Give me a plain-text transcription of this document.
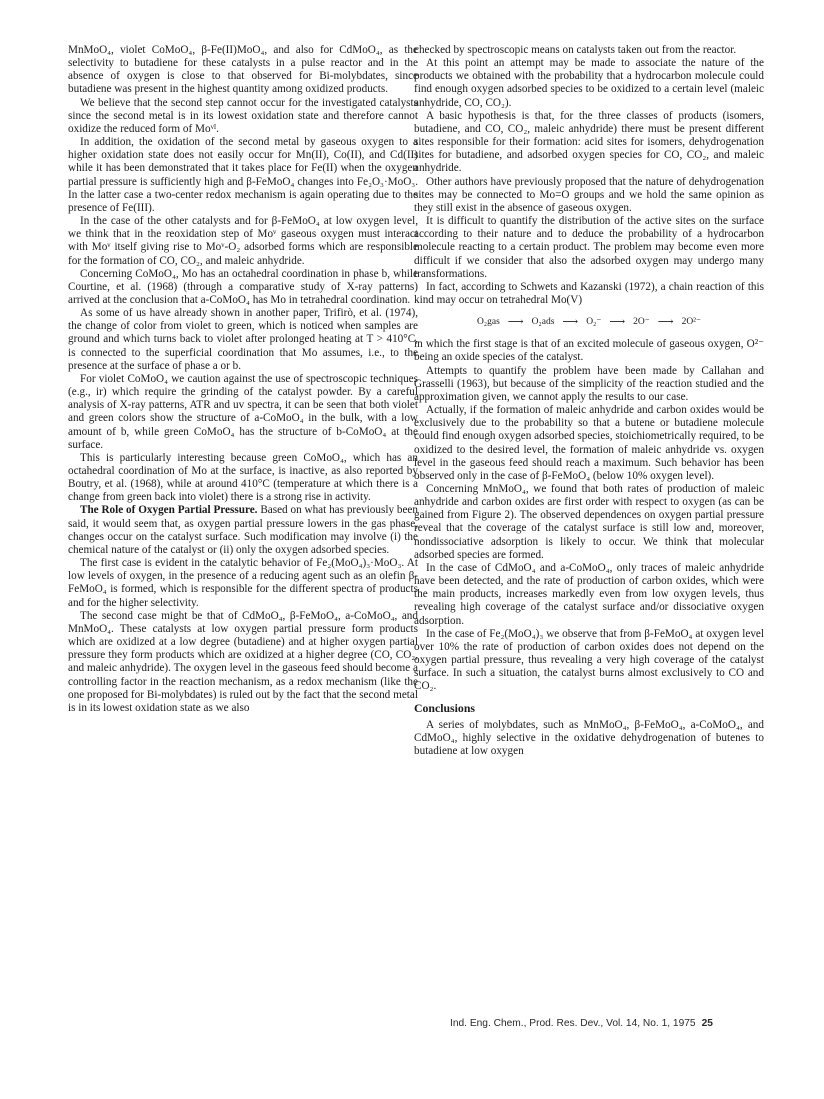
MnMoO₄, violet CoMoO₄, β-Fe(II)MoO₄, and also for CdMoO₄, as the selectivity to butadiene for these catalysts in a pulse reactor and in the absence of oxygen is close to that observed for Bi-molybdates, since butadiene was present in the highest quantity among oxidized products.

We believe that the second step cannot occur for the investigated catalysts since the second metal is in its lowest oxidation state and therefore cannot oxidize the reduced form of Moᵛᴵ.

In addition, the oxidation of the second metal by gaseous oxygen to a higher oxidation state does not easily occur for Mn(II), Co(II), and Cd(II) while it has been demonstrated that it takes place for Fe(II) when the oxygen partial pressure is sufficiently high and β-FeMoO₄ changes into Fe₂O₃·MoO₃. In the latter case a two-center redox mechanism is again operating due to the presence of Fe(III).

In the case of the other catalysts and for β-FeMoO₄ at low oxygen level, we think that in the reoxidation step of Moᵛ gaseous oxygen must interact with Moᵛ itself giving rise to Moᵛ-O₂ adsorbed forms which are responsible for the formation of CO, CO₂, and maleic anhydride.

Concerning CoMoO₄, Mo has an octahedral coordination in phase b, while Courtine, et al. (1968) (through a comparative study of X-ray patterns) arrived at the conclusion that a-CoMoO₄ has Mo in tetrahedral coordination.

As some of us have already shown in another paper, Trifirò, et al. (1974), the change of color from violet to green, which is noticed when samples are ground and which turns back to violet after prolonged heating at T > 410°C, is connected to the superficial coordination that Mo assumes, i.e., to the presence at the surface of phase a or b.

For violet CoMoO₄ we caution against the use of spectroscopic techniques (e.g., ir) which require the grinding of the catalyst powder. By a careful analysis of X-ray patterns, ATR and uv spectra, it can be seen that both violet and green colors show the structure of a-CoMoO₄ in the bulk, with a low amount of b, while green CoMoO₄ has the structure of b-CoMoO₄ at the surface.

This is particularly interesting because green CoMoO₄, which has an octahedral coordination of Mo at the surface, is inactive, as also reported by Boutry, et al. (1968), while at around 410°C (temperature at which there is a change from green back into violet) there is a strong rise in activity.

The Role of Oxygen Partial Pressure. Based on what has previously been said, it would seem that, as oxygen partial pressure lowers in the gas phase, changes occur on the catalyst surface. Such modification may involve (i) the chemical nature of the catalyst or (ii) only the oxygen adsorbed species.

The first case is evident in the catalytic behavior of Fe₂(MoO₄)₃·MoO₃. At low levels of oxygen, in the presence of a reducing agent such as an olefin β-FeMoO₄ is formed, which is responsible for the different spectra of products and for the higher selectivity.

The second case might be that of CdMoO₄, β-FeMoO₄, a-CoMoO₄, and MnMoO₄. These catalysts at low oxygen partial pressure form products which are oxidized at a low degree (butadiene) and at higher oxygen partial pressure they form products which are oxidized at a higher degree (CO, CO₂, and maleic anhydride). The oxygen level in the gaseous feed should become a controlling factor in the reaction mechanism, as a redox mechanism (like the one proposed for Bi-molybdates) is ruled out by the fact that the second metal is in its lowest oxidation state as we also

checked by spectroscopic means on catalysts taken out from the reactor.

At this point an attempt may be made to associate the nature of the products we obtained with the probability that a hydrocarbon molecule could find enough oxygen adsorbed species to be oxidized to a certain level (maleic anhydride, CO, CO₂).

A basic hypothesis is that, for the three classes of products (isomers, butadiene, and CO, CO₂, maleic anhydride) there must be present different sites responsible for their formation: acid sites for isomers, dehydrogenation sites for butadiene, and adsorbed oxygen species for CO, CO₂, and maleic anhydride.

Other authors have previously proposed that the nature of dehydrogenation sites may be connected to Mo=O groups and we hold the same opinion as they still exist in the absence of gaseous oxygen.

It is difficult to quantify the distribution of the active sites on the surface according to their nature and to deduce the probability of a hydrocarbon molecule reacting to a certain product. The problem may become even more difficult if we consider that also the adsorbed oxygen may undergo many transformations.

In fact, according to Schwets and Kazanski (1972), a chain reaction of this kind may occur on tetrahedral Mo(V)

O₂gas ⟶ O₂ads ⟶ O₂⁻ ⟶ 2O⁻ ⟶ 2O²⁻

in which the first stage is that of an excited molecule of gaseous oxygen, O²⁻ being an oxide species of the catalyst.

Attempts to quantify the problem have been made by Callahan and Grasselli (1963), but because of the simplicity of the reaction studied and the approximation given, we cannot apply the results to our case.

Actually, if the formation of maleic anhydride and carbon oxides would be exclusively due to the probability so that a butene or butadiene molecule could find enough oxygen adsorbed species, stoichiometrically required, to be oxidized to the desired level, the formation of maleic anhydride vs. oxygen level in the gaseous feed should reach a maximum. Such behavior has been observed only in the case of β-FeMoO₄ (below 10% oxygen level).

Concerning MnMoO₄, we found that both rates of production of maleic anhydride and carbon oxides are first order with respect to oxygen (as can be gained from Figure 2). The observed dependences on oxygen partial pressure reveal that the coverage of the catalyst surface is still low and, moreover, nondissociative adsorption is likely to occur. We think that molecular adsorbed species are formed.

In the case of CdMoO₄ and a-CoMoO₄, only traces of maleic anhydride have been detected, and the rate of production of carbon oxides, which were the main products, increases markedly even from low oxygen levels, thus revealing high coverage of the catalyst surface and/or dissociative oxygen adsorption.

In the case of Fe₂(MoO₄)₃ we observe that from β-FeMoO₄ at oxygen level over 10% the rate of production of carbon oxides does not depend on the oxygen partial pressure, thus revealing a very high coverage of the catalyst surface. In such a situation, the catalyst burns almost exclusively to CO and CO₂.

Conclusions

A series of molybdates, such as MnMoO₄, β-FeMoO₄, a-CoMoO₄, and CdMoO₄, highly selective in the oxidative dehydrogenation of butenes to butadiene at low oxygen

Ind. Eng. Chem., Prod. Res. Dev., Vol. 14, No. 1, 1975 25
